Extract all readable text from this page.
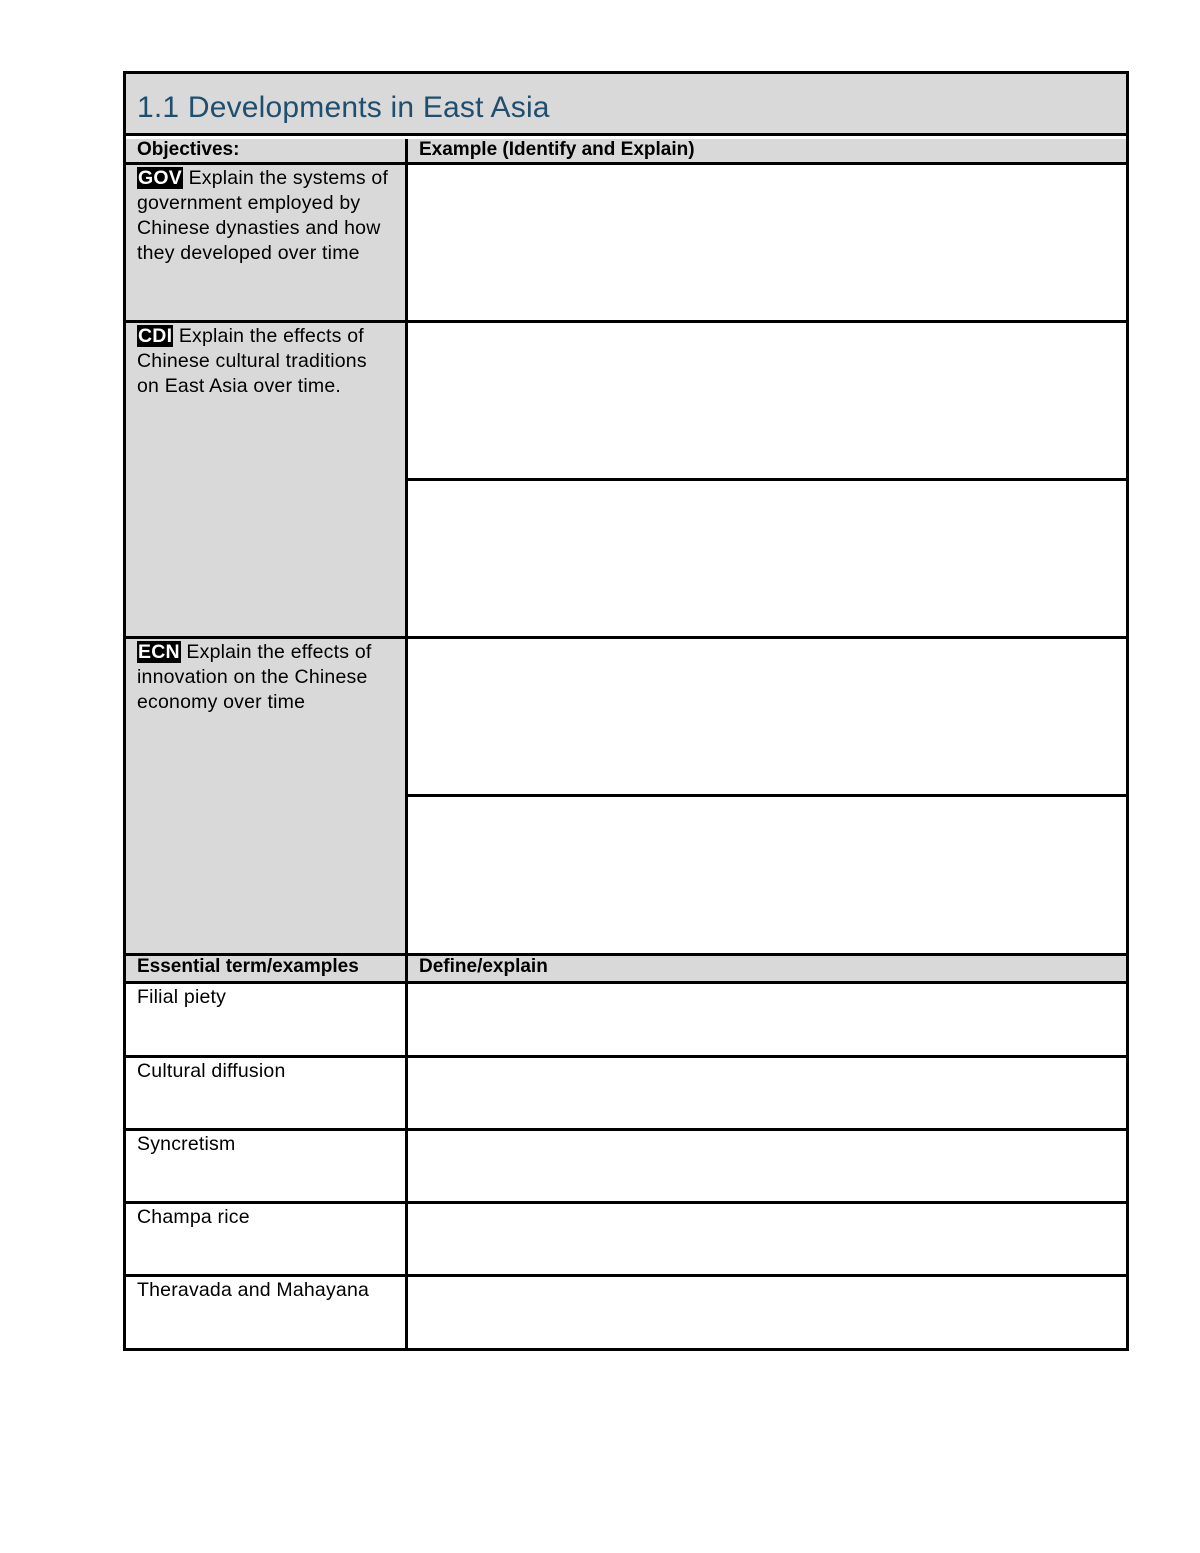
1.1 Developments in East Asia
Objectives:	Example (Identify and Explain)
GOV Explain the systems of government employed by Chinese dynasties and how they developed over time
CDI Explain the effects of Chinese cultural traditions on East Asia over time.
ECN Explain the effects of innovation on the Chinese economy over time
Essential term/examples	Define/explain
Filial piety
Cultural diffusion
Syncretism
Champa rice
Theravada and Mahayana
